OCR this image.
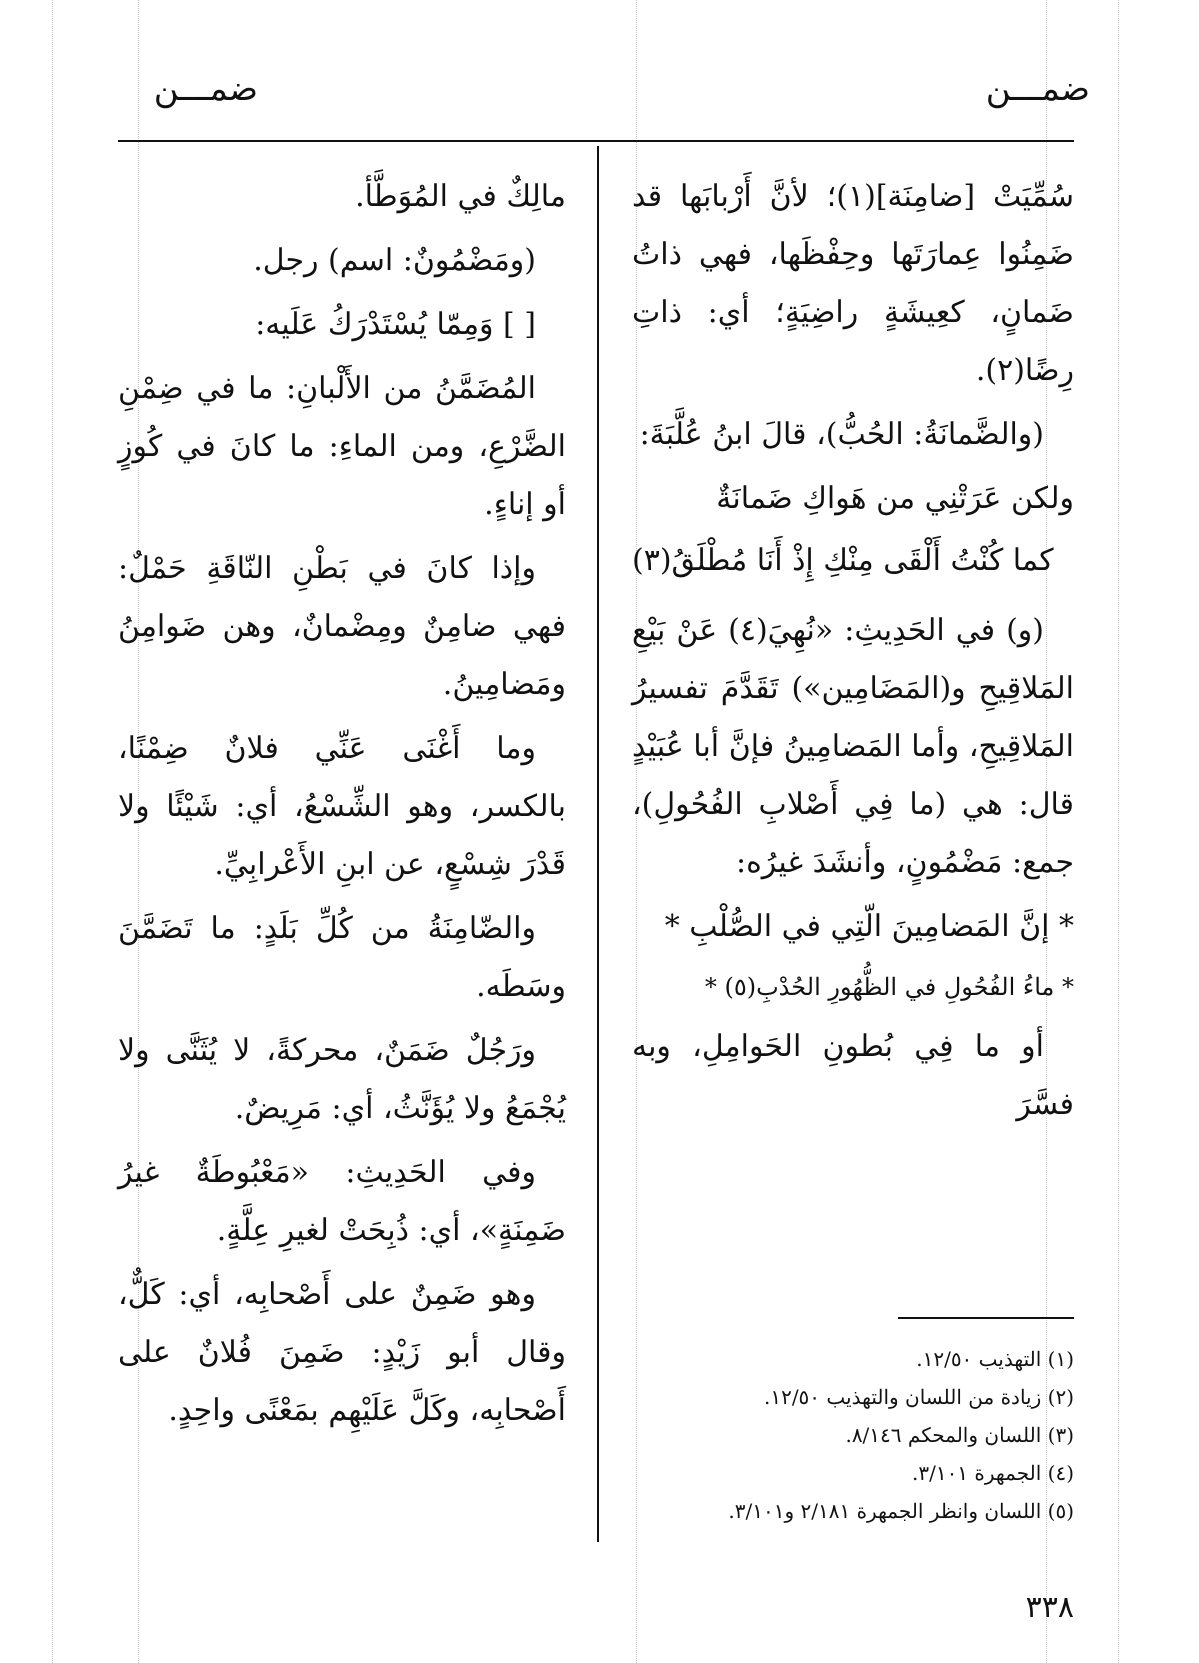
ضمـــن
ضمـــن

سُمِّيَتْ [ضامِنَة](١)؛ لأنَّ أَرْبابَها قد ضَمِنُوا عِمارَتَها وحِفْظَها، فهي ذاتُ ضَمانٍ، كعِيشَةٍ راضِيَةٍ؛ أي: ذاتِ رِضًا(٢).

(والضَّمانَةُ: الحُبُّ)، قالَ ابنُ عُلَّبَةَ:

ولكن عَرَتْنِي من هَواكِ ضَمانَةٌ

كما كُنْتُ أَلْقَى مِنْكِ إِذْ أَنَا مُطْلَقُ(٣)

(و) في الحَدِيثِ: «نُهِيَ(٤) عَنْ بَيْعِ المَلاقِيحِ و(المَضَامِين») تَقَدَّمَ تفسيرُ المَلاقِيحِ، وأما المَضامِينُ فإنَّ أبا عُبَيْدٍ قال: هي (ما فِي أَصْلابِ الفُحُولِ)، جمع: مَضْمُونٍ، وأنشَدَ غيرُه:

* إنَّ المَضامِينَ الّتِي في الصُّلْبِ *

* ماءُ الفُحُولِ في الظُّهُورِ الحُدْبِ(٥) *

أو ما فِي بُطونِ الحَوامِلِ، وبه فسَّرَ

مالِكٌ في المُوَطَّأ.

(ومَضْمُونٌ: اسم) رجل.

[ ] وَمِمّا يُسْتَدْرَكُ عَلَيه:

المُضَمَّنُ من الأَلْبانِ: ما في ضِمْنِ الضَّرْعِ، ومن الماءِ: ما كانَ في كُوزٍ أو إناءٍ.

وإذا كانَ في بَطْنِ النّاقَةِ حَمْلٌ: فهي ضامِنٌ ومِضْمانٌ، وهن ضَوامِنُ ومَضامِينُ.

وما أَغْنَى عَنِّي فلانٌ ضِمْنًا، بالكسر، وهو الشِّسْعُ، أي: شَيْئًا ولا قَدْرَ شِسْعٍ، عن ابنِ الأَعْرابِيِّ.

والضّامِنَةُ من كُلِّ بَلَدٍ: ما تَضَمَّنَ وسَطَه.

ورَجُلٌ ضَمَنٌ، محركةً، لا يُثَنَّى ولا يُجْمَعُ ولا يُؤَنَّثُ، أي: مَرِيضٌ.

وفي الحَدِيثِ: «مَعْبُوطَةٌ غيرُ ضَمِنَةٍ»، أي: ذُبِحَتْ لغيرِ عِلَّةٍ.

وهو ضَمِنٌ على أَصْحابِه، أي: كَلٌّ، وقال أبو زَيْدٍ: ضَمِنَ فُلانٌ على أَصْحابِه، وكَلَّ عَلَيْهِم بمَعْنًى واحِدٍ.

(١) التهذيب ١٢/٥٠.
(٢) زيادة من اللسان والتهذيب ١٢/٥٠.
(٣) اللسان والمحكم ٨/١٤٦.
(٤) الجمهرة ٣/١٠١.
(٥) اللسان وانظر الجمهرة ٢/١٨١ و٣/١٠١.
٣٣٨
